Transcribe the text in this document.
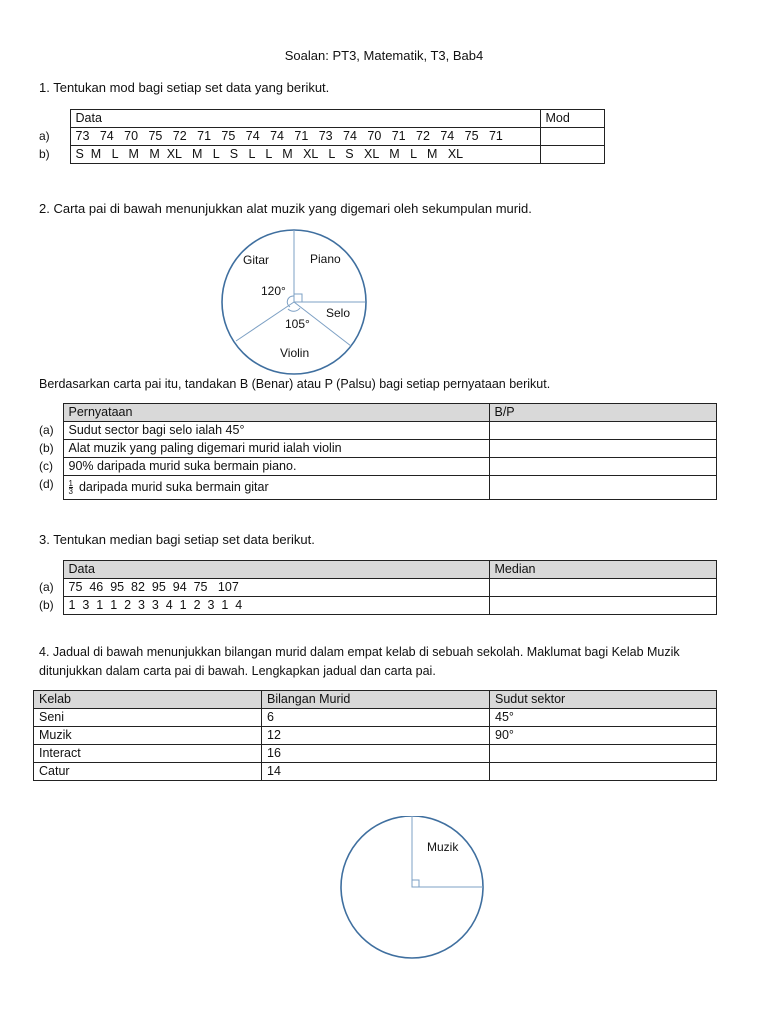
Soalan: PT3, Matematik, T3, Bab4
1. Tentukan mod bagi setiap set data yang berikut.
	Data	Mod
a)	73   74   70   75   72   71   75   74   74   71   73   74   70   71   72   74   75   71	
b)	S  M   L   M   M  XL   M   L   S   L   L   M   XL   L   S   XL   M   L   M   XL	
2. Carta pai di bawah menunjukkan alat muzik yang digemari oleh sekumpulan murid.
Gitar	Piano
Selo
Violin
120°
105°
Berdasarkan carta pai itu, tandakan B (Benar) atau P (Palsu) bagi setiap pernyataan berikut.
	Pernyataan	B/P
(a)	Sudut sector bagi selo ialah 45°	
(b)	Alat muzik yang paling digemari murid ialah violin	
(c)	90% daripada murid suka bermain piano.	
(d)	$\frac{1}{3}$ daripada murid suka bermain gitar	
3. Tentukan median bagi setiap set data berikut.
	Data	Median
(a)	75  46  95  82  95  94  75   107	
(b)	1  3  1  1  2  3  3  4  1  2  3  1  4	
4. Jadual di bawah menunjukkan bilangan murid dalam empat kelab di sebuah sekolah. Maklumat bagi Kelab Muzik
ditunjukkan dalam carta pai di bawah. Lengkapkan jadual dan carta pai.
Kelab	Bilangan Murid	Sudut sektor
Seni	6	45°
Muzik	12	90°
Interact	16	
Catur	14	
Muzik
